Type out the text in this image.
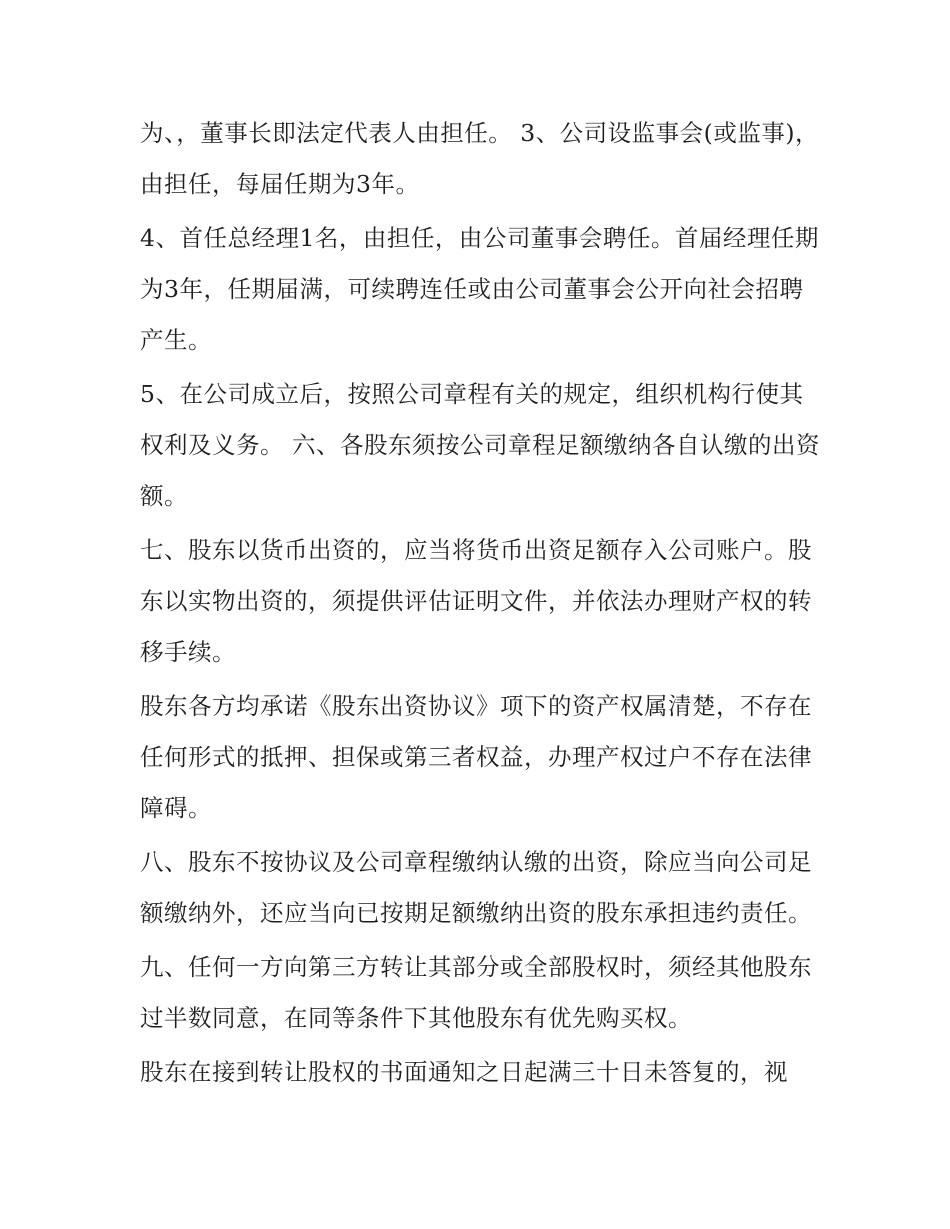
为、，董事长即法定代表人由担任。 3、公司设监事会(或监事)，由担任，每届任期为3年。

4、首任总经理1名，由担任，由公司董事会聘任。首届经理任期为3年，任期届满，可续聘连任或由公司董事会公开向社会招聘产生。

5、在公司成立后，按照公司章程有关的规定，组织机构行使其权利及义务。 六、各股东须按公司章程足额缴纳各自认缴的出资额。

七、股东以货币出资的，应当将货币出资足额存入公司账户。股东以实物出资的，须提供评估证明文件，并依法办理财产权的转移手续。

股东各方均承诺《股东出资协议》项下的资产权属清楚，不存在任何形式的抵押、担保或第三者权益，办理产权过户不存在法律障碍。

八、股东不按协议及公司章程缴纳认缴的出资，除应当向公司足额缴纳外，还应当向已按期足额缴纳出资的股东承担违约责任。

九、任何一方向第三方转让其部分或全部股权时，须经其他股东过半数同意，在同等条件下其他股东有优先购买权。

股东在接到转让股权的书面通知之日起满三十日未答复的，视
